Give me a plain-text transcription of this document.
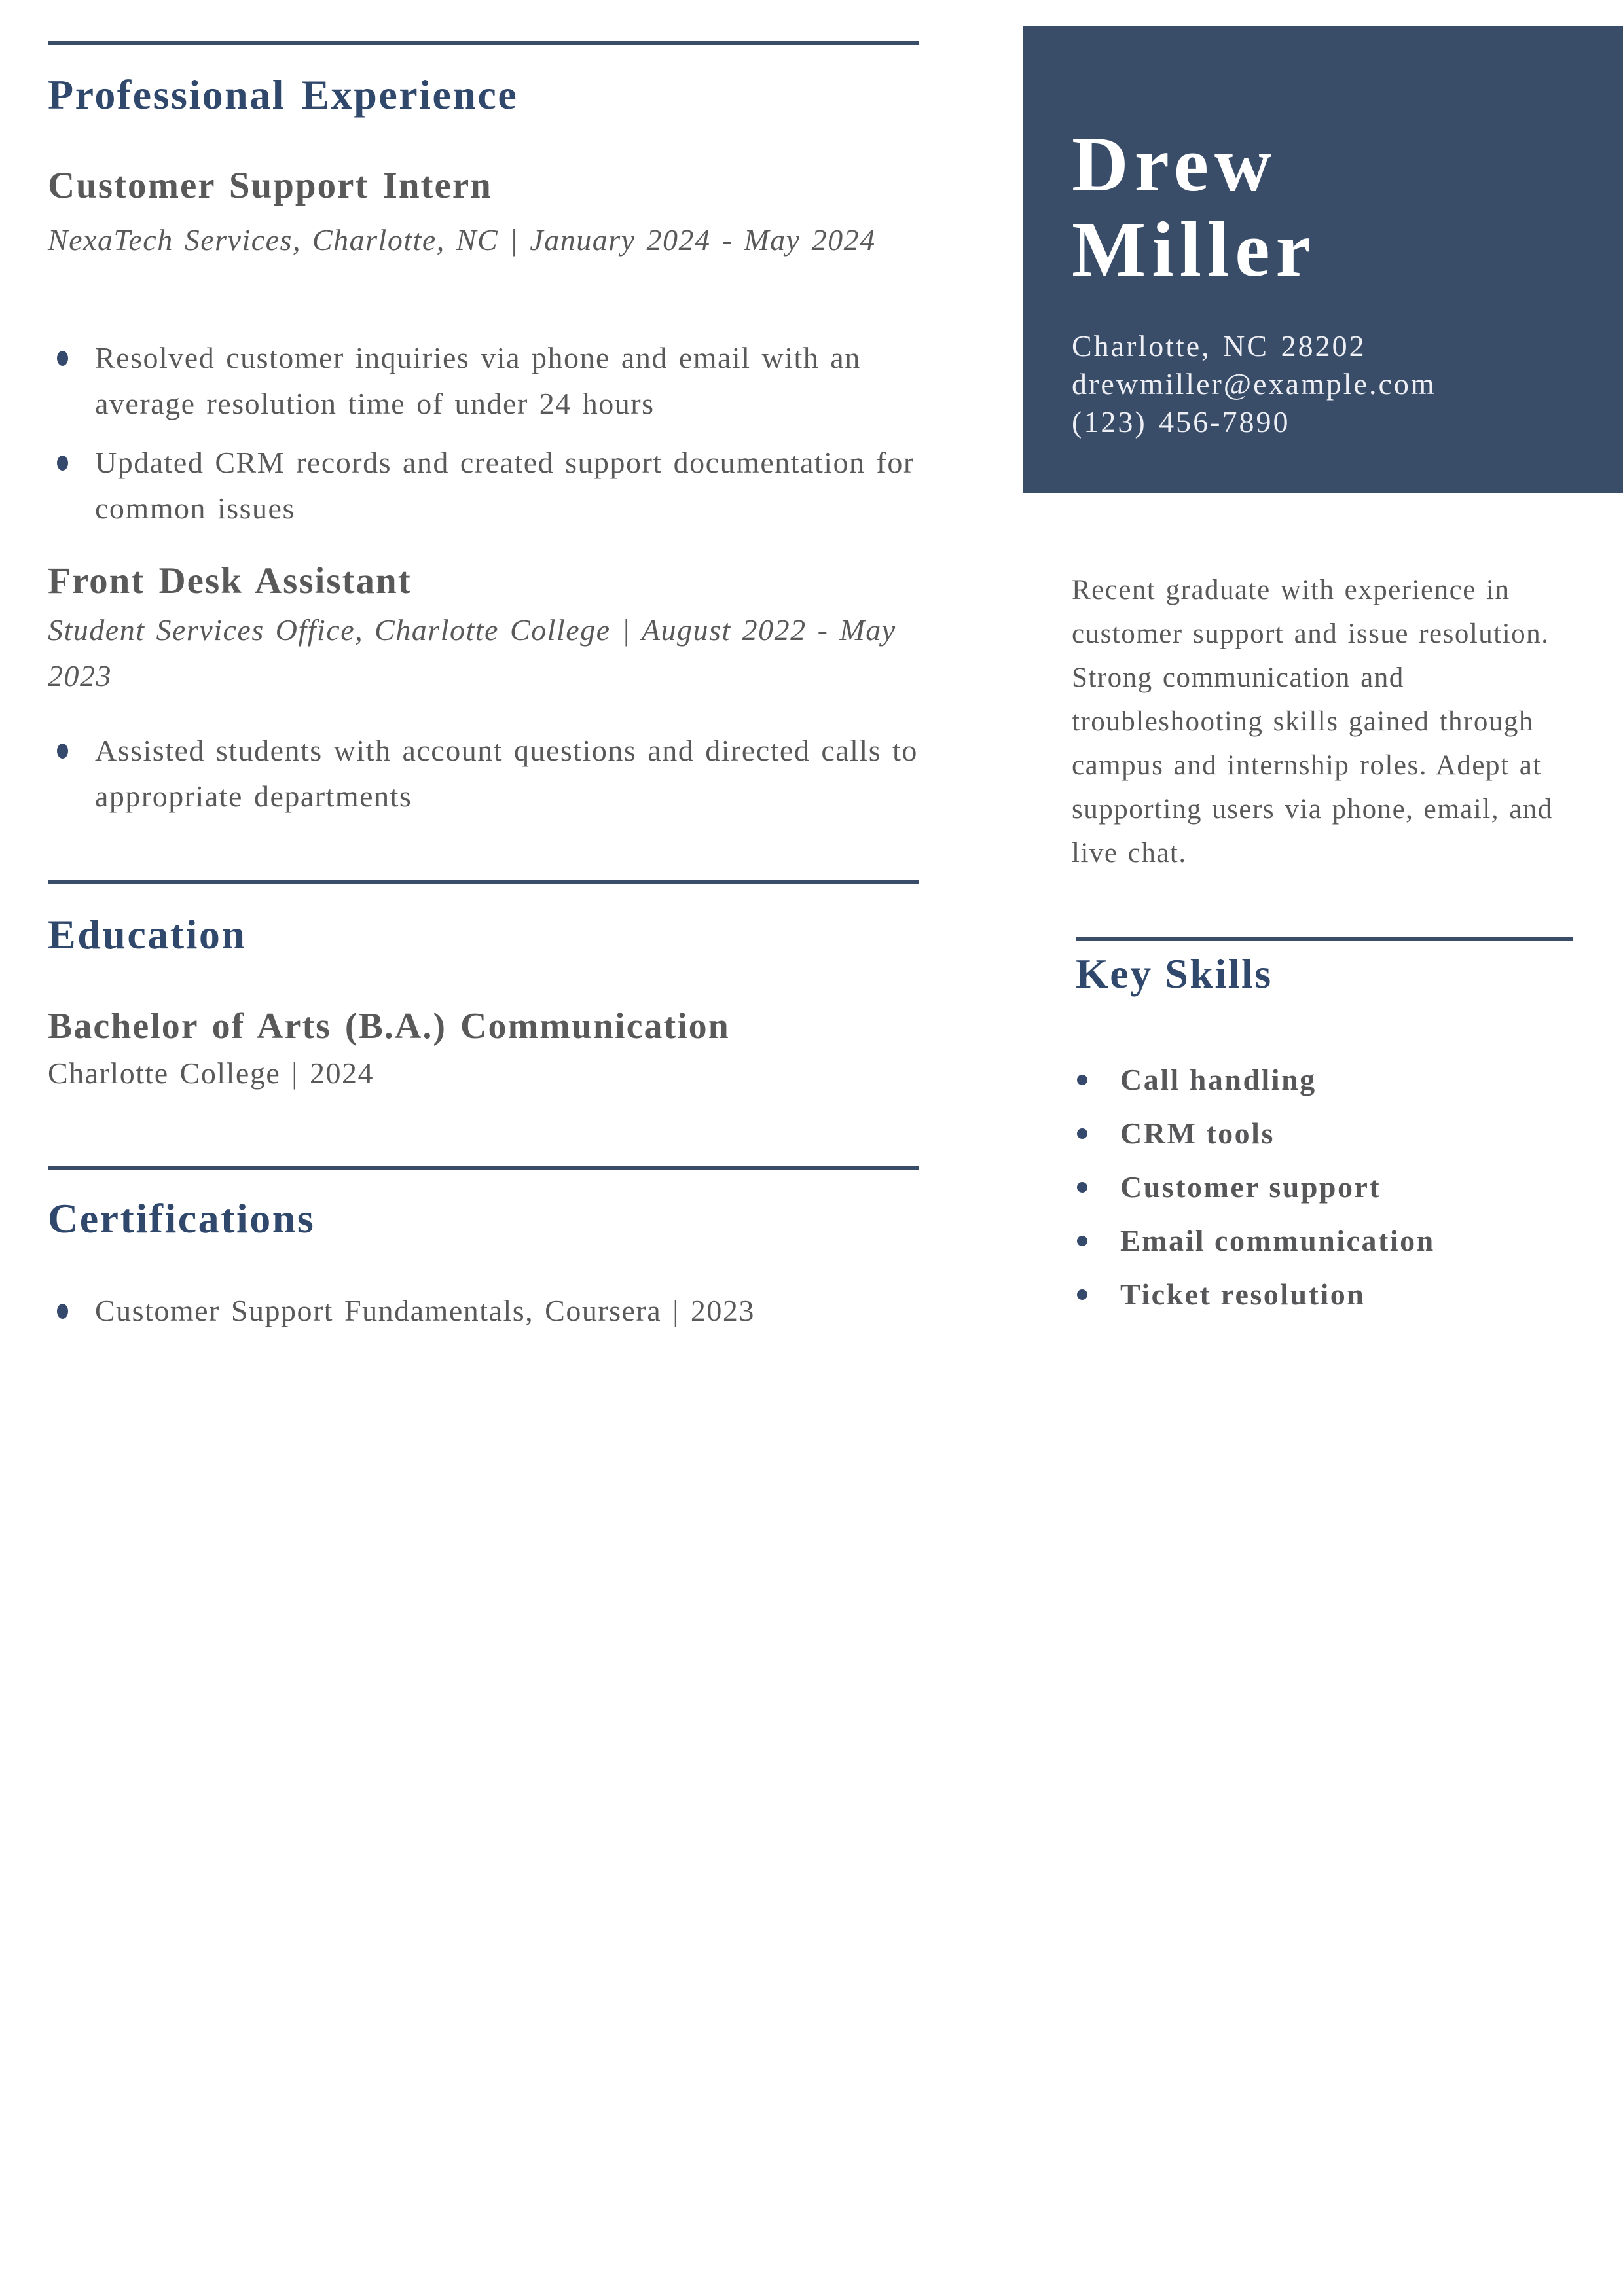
Professional Experience
Customer Support Intern

NexaTech Services, Charlotte, NC | January 2024 - May 2024

Resolved customer inquiries via phone and email with an average resolution time of under 24 hours
Updated CRM records and created support documentation for common issues
Front Desk Assistant

Student Services Office, Charlotte College | August 2022 - May 2023

Assisted students with account questions and directed calls to appropriate departments
Education
Bachelor of Arts (B.A.) Communication

Charlotte College | 2024

Certifications
Customer Support Fundamentals, Coursera | 2023
Drew
Miller
Charlotte, NC 28202
drewmiller@example.com
(123) 456-7890

Recent graduate with experience in customer support and issue resolution. Strong communication and troubleshooting skills gained through campus and internship roles. Adept at supporting users via phone, email, and live chat.

Key Skills
Call handling
CRM tools
Customer support
Email communication
Ticket resolution
